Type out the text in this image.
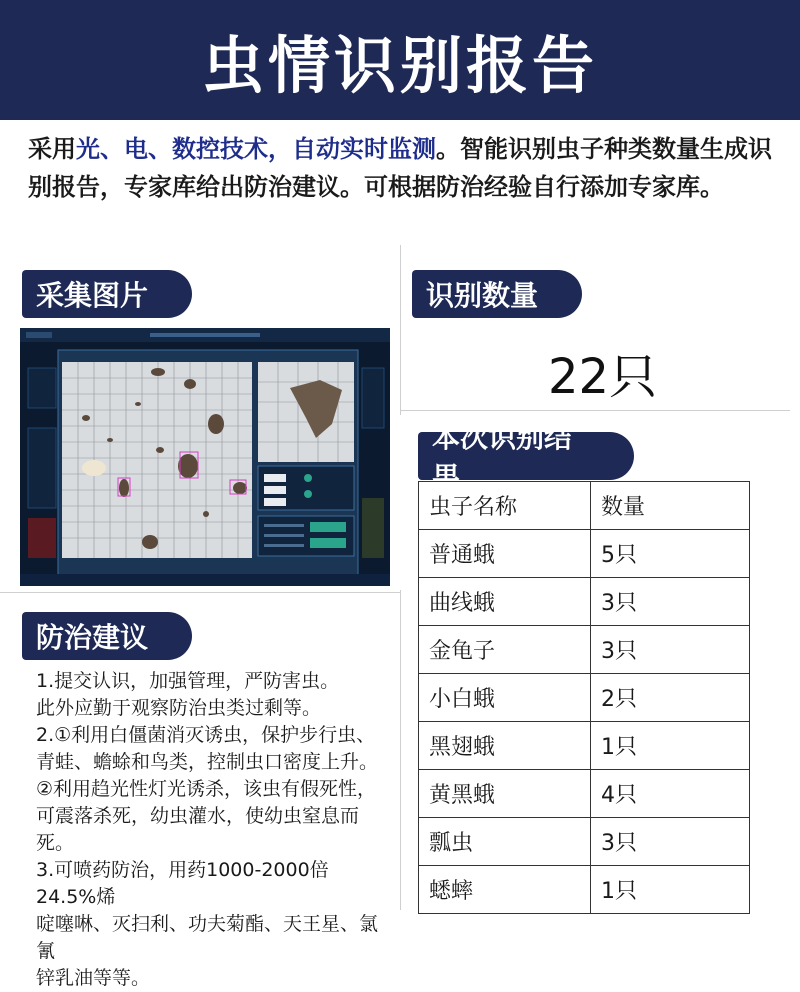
虫情识别报告
采用光、电、数控技术，自动实时监测。智能识别虫子种类数量生成识别报告，专家库给出防治建议。可根据防治经验自行添加专家库。
采集图片	识别数量
本次识别结果
防治建议
22只
虫子名称	数量
普通蛾	5只
曲线蛾	3只
金龟子	3只
小白蛾	2只
黑翅蛾	1只
黄黑蛾	4只
瓢虫	3只
蟋蟀	1只
1.提交认识，加强管理，严防害虫。
此外应勤于观察防治虫类过剩等。
2.①利用白僵菌消灭诱虫，保护步行虫、
青蛙、蟾蜍和鸟类，控制虫口密度上升。
②利用趋光性灯光诱杀，该虫有假死性，
可震落杀死，幼虫灌水，使幼虫窒息而死。
3.可喷药防治，用药1000-2000倍24.5%烯
啶噻啉、灭扫利、功夫菊酯、天王星、氯氰
锌乳油等等。
